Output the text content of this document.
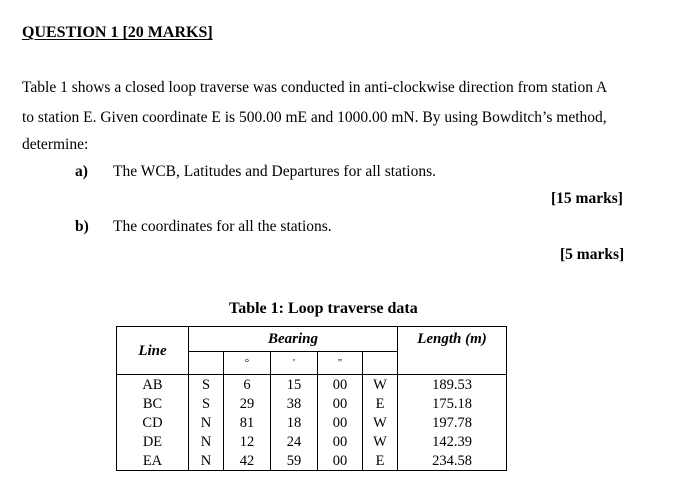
QUESTION 1 [20 MARKS]
Table 1 shows a closed loop traverse was conducted in anti-clockwise direction from station A
to station E. Given coordinate E is 500.00 mE and 1000.00 mN. By using Bowditch’s method,
determine:
a) The WCB, Latitudes and Departures for all stations.
[15 marks]
b) The coordinates for all the stations.
[5 marks]
Table 1: Loop traverse data
Line	Bearing					Length (m)
		°	'	"		
AB	S	6	15	00	W	189.53
BC	S	29	38	00	E	175.18
CD	N	81	18	00	W	197.78
DE	N	12	24	00	W	142.39
EA	N	42	59	00	E	234.58
